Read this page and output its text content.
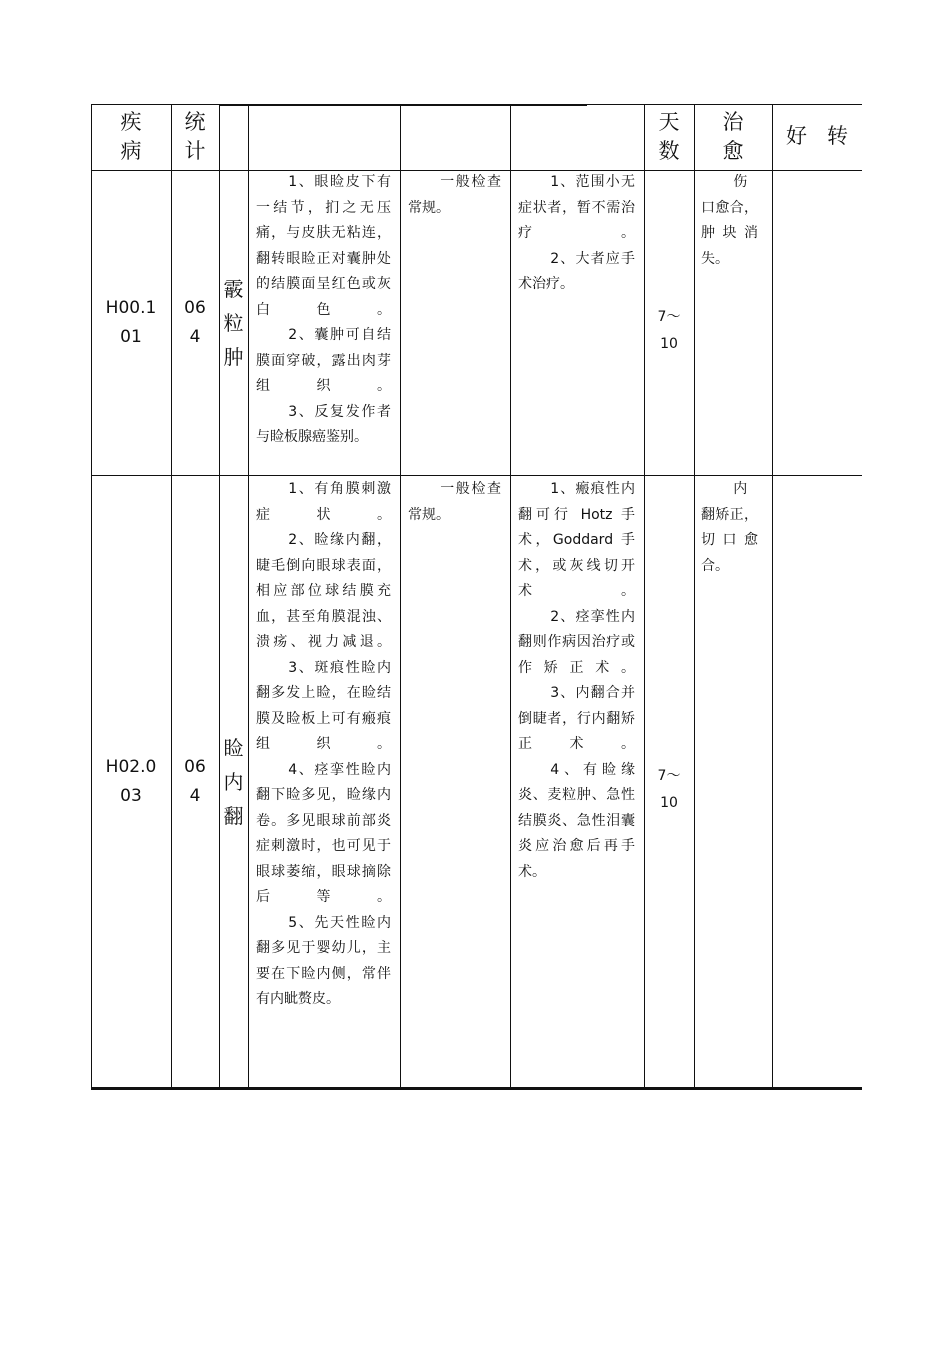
疾
病
统
计
天
数
治
愈
好   转
H00.1
01
06
4
霰
粒
肿

1、眼睑皮下有一结节，扪之无压痛，与皮肤无粘连，翻转眼睑正对囊肿处的结膜面呈红色或灰白色。

2、囊肿可自结膜面穿破，露出肉芽组织。

3、反复发作者与睑板腺癌鉴别。

一般检查常规。

1、范围小无症状者，暂不需治疗。

2、大者应手术治疗。

7～
10

伤口愈合，肿块消失。

H02.0
03
06
4
睑
内
翻

1、有角膜刺激症状。

2、睑缘内翻，睫毛倒向眼球表面，相应部位球结膜充血，甚至角膜混浊、溃疡、视力减退。

3、斑痕性睑内翻多发上睑，在睑结膜及睑板上可有瘢痕组织。

4、痉挛性睑内翻下睑多见，睑缘内卷。多见眼球前部炎症刺激时，也可见于眼球萎缩，眼球摘除后等。

5、先天性睑内翻多见于婴幼儿，主要在下睑内侧，常伴有内眦赘皮。

一般检查常规。

1、瘢痕性内翻可行 Hotz 手术，Goddard 手术，或灰线切开术。

2、痉挛性内翻则作病因治疗或作矫正术。

3、内翻合并倒睫者，行内翻矫正术。

4、有睑缘炎、麦粒肿、急性结膜炎、急性泪囊炎应治愈后再手术。

7～
10

内翻矫正，切口愈合。
